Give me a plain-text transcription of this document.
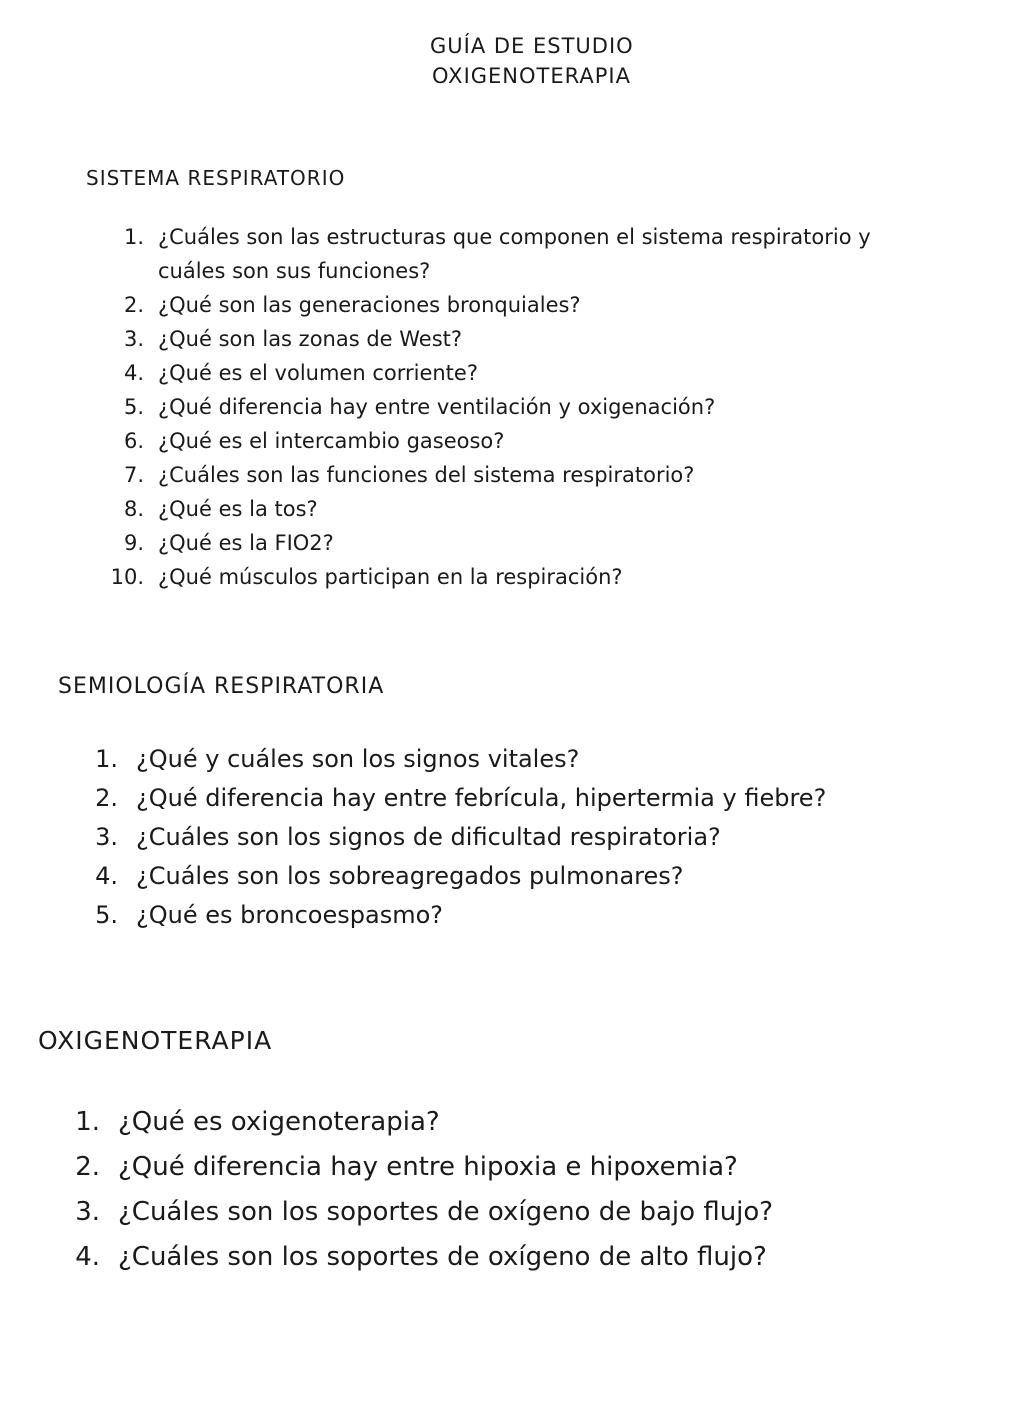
GUÍA DE ESTUDIO
OXIGENOTERAPIA
SISTEMA RESPIRATORIO
1. ¿Cuáles son las estructuras que componen el sistema respiratorio y
cuáles son sus funciones?
2. ¿Qué son las generaciones bronquiales?
3. ¿Qué son las zonas de West?
4. ¿Qué es el volumen corriente?
5. ¿Qué diferencia hay entre ventilación y oxigenación?
6. ¿Qué es el intercambio gaseoso?
7. ¿Cuáles son las funciones del sistema respiratorio?
8. ¿Qué es la tos?
9. ¿Qué es la FIO2?
10. ¿Qué músculos participan en la respiración?
SEMIOLOGÍA RESPIRATORIA
1. ¿Qué y cuáles son los signos vitales?
2. ¿Qué diferencia hay entre febrícula, hipertermia y fiebre?
3. ¿Cuáles son los signos de dificultad respiratoria?
4. ¿Cuáles son los sobreagregados pulmonares?
5. ¿Qué es broncoespasmo?
OXIGENOTERAPIA
1. ¿Qué es oxigenoterapia?
2. ¿Qué diferencia hay entre hipoxia e hipoxemia?
3. ¿Cuáles son los soportes de oxígeno de bajo flujo?
4. ¿Cuáles son los soportes de oxígeno de alto flujo?
